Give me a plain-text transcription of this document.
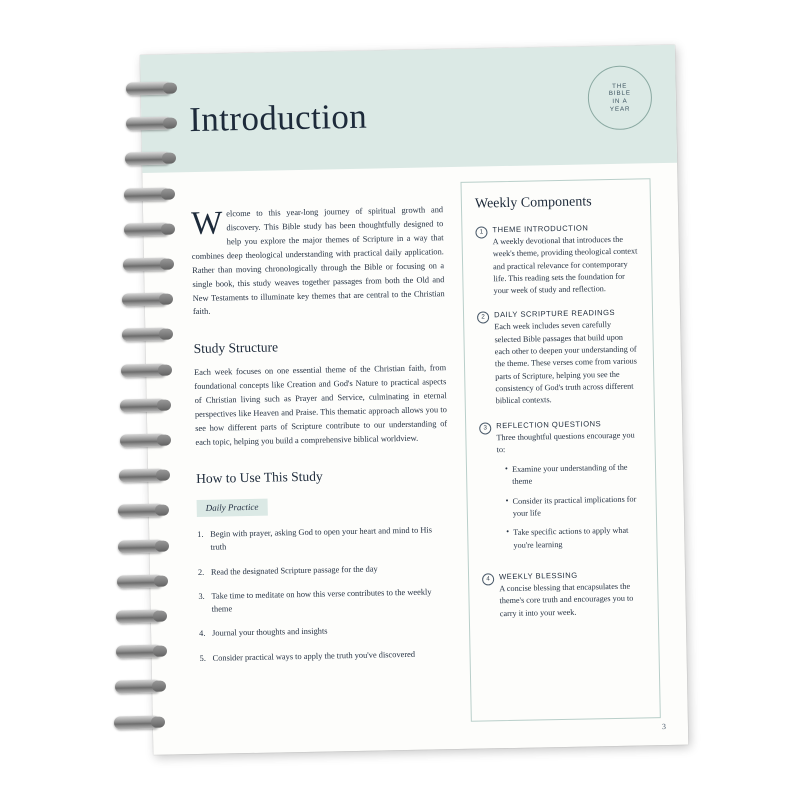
Introduction
THE
BIBLE
IN A
YEAR

Welcome to this year-long journey of spiritual growth and discovery. This Bible study has been thoughtfully designed to help you explore the major themes of Scripture in a way that combines deep theological understanding with practical daily application. Rather than moving chronologically through the Bible or focusing on a single book, this study weaves together passages from both the Old and New Testaments to illuminate key themes that are central to the Christian faith.

Study Structure

Each week focuses on one essential theme of the Christian faith, from foundational concepts like Creation and God's Nature to practical aspects of Christian living such as Prayer and Service, culminating in eternal perspectives like Heaven and Praise. This thematic approach allows you to see how different parts of Scripture contribute to our understanding of each topic, helping you build a comprehensive biblical worldview.

How to Use This Study
Daily Practice
1. Begin with prayer, asking God to open your heart and mind to His truth
2. Read the designated Scripture passage for the day
3. Take time to meditate on how this verse contributes to the weekly theme
4. Journal your thoughts and insights
5. Consider practical ways to apply the truth you've discovered
Weekly Components
1	THEME INTRODUCTION
A weekly devotional that introduces the week's theme, providing theological context and practical relevance for contemporary life. This reading sets the foundation for your week of study and reflection.
2	DAILY SCRIPTURE READINGS
Each week includes seven carefully selected Bible passages that build upon each other to deepen your understanding of the theme. These verses come from various parts of Scripture, helping you see the consistency of God's truth across different biblical contexts.
3	REFLECTION QUESTIONS
Three thoughtful questions encourage you to:
• Examine your understanding of the theme
• Consider its practical implications for your life
• Take specific actions to apply what you're learning
4	WEEKLY BLESSING
A concise blessing that encapsulates the theme's core truth and encourages you to carry it into your week.
3
